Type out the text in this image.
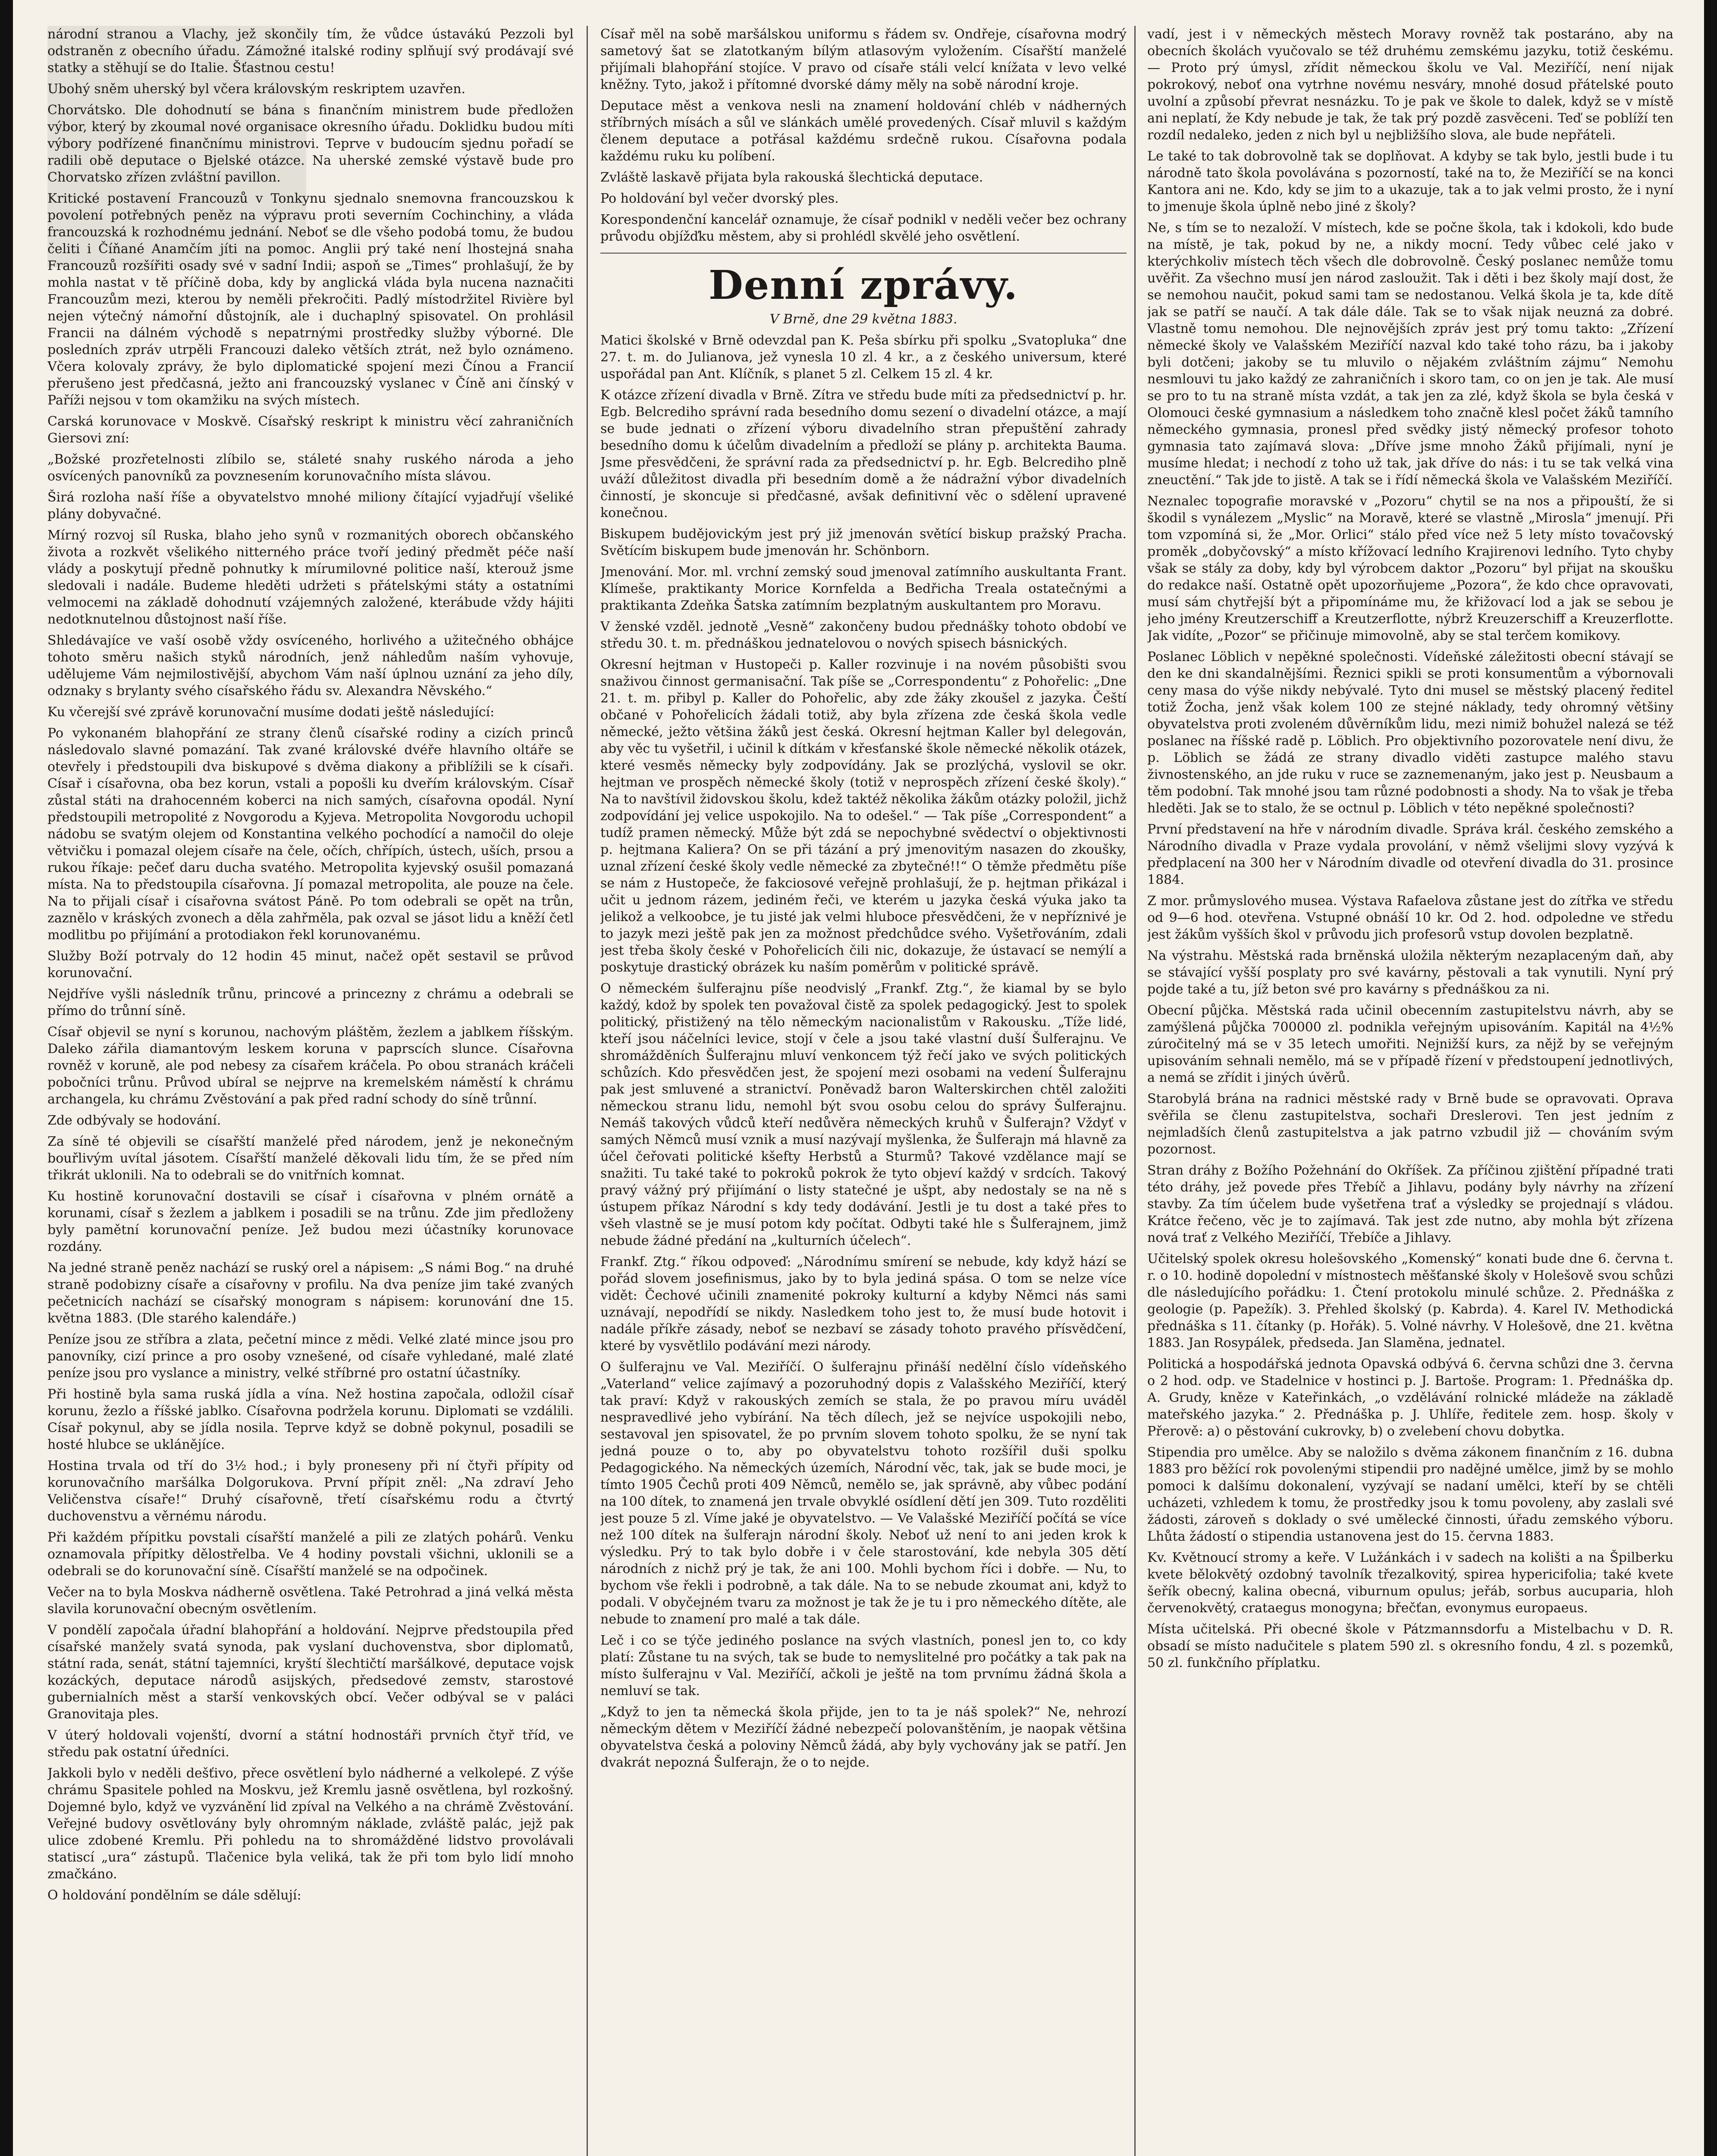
národní stranou a Vlachy, jež skončily tím, že vůdce ústavákú Pezzoli byl odstraněn z obecního úřadu. Zámožné italské rodiny splňují svý prodávají své statky a stěhují se do Italie. Šťastnou cestu!

Ubohý sněm uherský byl včera královským reskriptem uzavřen.

Chorvátsko. Dle dohodnutí se bána s finančním ministrem bude předložen výbor, který by zkoumal nové organisace okresního úřadu. Doklidku budou míti výbory podřízené finančnímu ministrovi. Teprve v budoucím sjednu pořadí se radili obě deputace o Bjelské otázce. Na uherské zemské výstavě bude pro Chorvatsko zřízen zvláštní pavillon.

Kritické postavení Francouzů v Tonkynu sjednalo snemovna francouzskou k povolení potřebných peněz na výpravu proti severním Cochinchiny, a vláda francouzská k rozhodnému jednání. Neboť se dle všeho podobá tomu, že budou čeliti i Číňané Anamčím jíti na pomoc. Anglii prý také není lhostejná snaha Francouzů rozšířiti osady své v sadní Indii; aspoň se „Times“ prohlašují, že by mohla nastat v tě příčině doba, kdy by anglická vláda byla nucena naznačiti Francouzům mezi, kterou by neměli překročiti. Padlý místodržitel Rivière byl nejen výtečný námořní důstojník, ale i duchaplný spisovatel. On prohlásil Francii na dálném východě s nepatrnými prostředky služby výborné. Dle posledních zpráv utrpěli Francouzi daleko větších ztrát, než bylo oznámeno. Včera kolovaly zprávy, že bylo diplomatické spojení mezi Čínou a Francií přerušeno jest předčasná, ježto ani francouzský vyslanec v Číně ani čínský v Paříži nejsou v tom okamžiku na svých místech.

Carská korunovace v Moskvě. Císařský reskript k ministru věcí zahraničních Giersovi zní:

„Božské prozřetelnosti zlíbilo se, stáleté snahy ruského národa a jeho osvícených panovníků za povznesením korunovačního místa slávou.

Širá rozloha naší říše a obyvatelstvo mnohé miliony čítající vyjadřují všeliké plány dobyvačné.

Mírný rozvoj síl Ruska, blaho jeho synů v rozmanitých oborech občanského života a rozkvět všelikého nitterného práce tvoří jediný předmět péče naší vlády a poskytují předně pohnutky k mírumilovné politice naší, kterouž jsme sledovali i nadále. Budeme hleděti udržeti s přátelskými státy a ostatními velmocemi na základě dohodnutí vzájemných založené, kterábude vždy hájiti nedotknutelnou důstojnost naší říše.

Shledávajíce ve vaší osobě vždy osvíceného, horlivého a užitečného obhájce tohoto směru našich styků národních, jenž náhledům naším vyhovuje, udělujeme Vám nejmilostivější, abychom Vám naší úplnou uznání za jeho díly, odznaky s brylanty svého císařského řádu sv. Alexandra Něvského.“

Ku včerejší své zprávě korunovační musíme dodati ještě následující:

Po vykonaném blahopřání ze strany členů císařské rodiny a cizích princů následovalo slavné pomazání. Tak zvané královské dvéře hlavního oltáře se otevřely i předstoupili dva biskupové s dvěma diakony a přiblížili se k císaři. Císař i císařovna, oba bez korun, vstali a popošli ku dveřím královským. Císař zůstal státi na drahocenném koberci na nich samých, císařovna opodál. Nyní předstoupili metropolité z Novgorodu a Kyjeva. Metropolita Novgorodu uchopil nádobu se svatým olejem od Konstantina velkého pochodící a namočil do oleje větvičku i pomazal olejem císaře na čele, očích, chřípích, ústech, uších, prsou a rukou říkaje: pečeť daru ducha svatého. Metropolita kyjevský osušil pomazaná místa. Na to předstoupila císařovna. Jí pomazal metropolita, ale pouze na čele. Na to přijali císař i císařovna svátost Páně. Po tom odebrali se opět na trůn, zaznělo v kráských zvonech a děla zahřměla, pak ozval se jásot lidu a kněží četl modlitbu po přijímání a protodiakon řekl korunovanému.

Služby Boží potrvaly do 12 hodin 45 minut, načež opět sestavil se průvod korunovační.

Nejdříve vyšli následník trůnu, princové a princezny z chrámu a odebrali se přímo do trůnní síně.

Císař objevil se nyní s korunou, nachovým pláštěm, žezlem a jablkem říšským. Daleko zářila diamantovým leskem koruna v paprscích slunce. Císařovna rovněž v koruně, ale pod nebesy za císařem kráčela. Po obou stranách kráčeli pobočníci trůnu. Průvod ubíral se nejprve na kremelském náměstí k chrámu archangela, ku chrámu Zvěstování a pak před radní schody do síně trůnní.

Zde odbývaly se hodování.

Za síně té objevili se císařští manželé před národem, jenž je nekonečným bouřlivým uvítal jásotem. Císařští manželé děkovali lidu tím, že se před ním třikrát uklonili. Na to odebrali se do vnitřních komnat.

Ku hostině korunovační dostavili se císař i císařovna v plném ornátě a korunami, císař s žezlem a jablkem i posadili se na trůnu. Zde jim předloženy byly pamětní korunovační peníze. Jež budou mezi účastníky korunovace rozdány.

Na jedné straně peněz nachází se ruský orel a nápisem: „S námi Bog.“ na druhé straně podobizny císaře a císařovny v profilu. Na dva peníze jim také zvaných pečetnicích nachází se císařský monogram s nápisem: korunování dne 15. května 1883. (Dle starého kalendáře.)

Peníze jsou ze stříbra a zlata, pečetní mince z mědi. Velké zlaté mince jsou pro panovníky, cizí prince a pro osoby vznešené, od císaře vyhledané, malé zlaté peníze jsou pro vyslance a ministry, velké stříbrné pro ostatní účastníky.

Při hostině byla sama ruská jídla a vína. Než hostina započala, odložil císař korunu, žezlo a říšské jablko. Císařovna podržela korunu. Diplomati se vzdálili. Císař pokynul, aby se jídla nosila. Teprve když se dobně pokynul, posadili se hosté hlubce se uklánějíce.

Hostina trvala od tří do 3½ hod.; i byly proneseny při ní čtyři přípity od korunovačního maršálka Dolgorukova. První přípit zněl: „Na zdraví Jeho Veličenstva císaře!“ Druhý císařovně, třetí císařskému rodu a čtvrtý duchovenstvu a věrnému národu.

Při každém přípitku povstali císařští manželé a pili ze zlatých pohárů. Venku oznamovala přípitky dělostřelba. Ve 4 hodiny povstali všichni, uklonili se a odebrali se do korunovační síně. Císařští manželé se na odpočinek.

Večer na to byla Moskva nádherně osvětlena. Také Petrohrad a jiná velká města slavila korunovační obecným osvětlením.

V pondělí započala úřadní blahopřání a holdování. Nejprve předstoupila před císařské manžely svatá synoda, pak vyslaní duchovenstva, sbor diplomatů, státní rada, senát, státní tajemníci, kryští šlechtičtí maršálkové, deputace vojsk kozáckých, deputace národů asijských, předsedové zemstv, starostové gubernialních měst a starší venkovských obcí. Večer odbýval se v paláci Granovitaja ples.

V úterý holdovali vojenští, dvorní a státní hodnostáři prvních čtyř tříd, ve středu pak ostatní úředníci.

Jakkoli bylo v neděli dešťivo, přece osvětlení bylo nádherné a velkolepé. Z výše chrámu Spasitele pohled na Moskvu, jež Kremlu jasně osvětlena, byl rozkošný. Dojemné bylo, když ve vyzvánění lid zpíval na Velkého a na chrámě Zvěstování. Veřejné budovy osvětlovány byly ohromným náklade, zvláště palác, jejž pak ulice zdobené Kremlu. Při pohledu na to shromážděné lidstvo provolávali statiscí „ura“ zástupů. Tlačenice byla veliká, tak že při tom bylo lidí mnoho zmačkáno.

O holdování pondělním se dále sdělují:

Císař měl na sobě maršálskou uniformu s řádem sv. Ondřeje, císařovna modrý sametový šat se zlatotkaným bílým atlasovým vyložením. Císařští manželé přijímali blahopřání stojíce. V pravo od císaře stáli velcí knížata v levo velké kněžny. Tyto, jakož i přítomné dvorské dámy měly na sobě národní kroje.

Deputace měst a venkova nesli na znamení holdování chléb v nádherných stříbrných mísách a sůl ve slánkách umělé provedených. Císař mluvil s každým členem deputace a potřásal každému srdečně rukou. Císařovna podala každému ruku ku políbení.

Zvláště laskavě přijata byla rakouská šlechtická deputace.

Po holdování byl večer dvorský ples.

Korespondenční kancelář oznamuje, že císař podnikl v neděli večer bez ochrany průvodu objížďku městem, aby si prohlédl skvělé jeho osvětlení.

Denní zprávy.
V Brně, dne 29 května 1883.

Matici školské v Brně odevzdal pan K. Peša sbírku při spolku „Svatopluka“ dne 27. t. m. do Julianova, jež vynesla 10 zl. 4 kr., a z českého universum, které uspořádal pan Ant. Klíčník, s planet 5 zl. Celkem 15 zl. 4 kr.

K otázce zřízení divadla v Brně. Zítra ve středu bude míti za předsednictví p. hr. Egb. Belcrediho správní rada besedního domu sezení o divadelní otázce, a mají se bude jednati o zřízení výboru divadelního stran přepuštění zahrady besedního domu k účelům divadelním a předloží se plány p. architekta Bauma. Jsme přesvědčeni, že správní rada za předsednictví p. hr. Egb. Belcrediho plně uváží důležitost divadla při besedním domě a že nádražní výbor divadelních činností, je skoncuje si předčasné, avšak definitivní věc o sdělení upravené konečnou.

Biskupem budějovickým jest prý již jmenován světící biskup pražský Pracha. Světícím biskupem bude jmenován hr. Schönborn.

Jmenování. Mor. ml. vrchní zemský soud jmenoval zatímního auskultanta Frant. Klímeše, praktikanty Morice Kornfelda a Bedřicha Treala ostatečnými a praktikanta Zdeňka Šatska zatímním bezplatným auskultantem pro Moravu.

V ženské vzděl. jednotě „Vesně“ zakončeny budou přednášky tohoto období ve středu 30. t. m. přednáškou jednatelovou o nových spisech básnických.

Okresní hejtman v Hustopeči p. Kaller rozvinuje i na novém působišti svou snaživou činnost germanisační. Tak píše se „Correspondentu“ z Pohořelic: „Dne 21. t. m. přibyl p. Kaller do Pohořelic, aby zde žáky zkoušel z jazyka. Čeští občané v Pohořelicích žádali totiž, aby byla zřízena zde česká škola vedle německé, ježto většina žáků jest česká. Okresní hejtman Kaller byl delegován, aby věc tu vyšetřil, i učinil k dítkám v křesťanské škole německé několik otázek, které vesměs německy byly zodpovídány. Jak se prozlýchá, vyslovil se okr. hejtman ve prospěch německé školy (totiž v neprospěch zřízení české školy).“ Na to navštívil židovskou školu, kdež taktéž několika žákům otázky položil, jichž zodpovídání jej velice uspokojilo. Na to odešel.“ — Tak píše „Correspondent“ a tudíž pramen německý. Může být zdá se nepochybné svědectví o objektivnosti p. hejtmana Kaliera? On se při tázání a prý jmenovitým nasazen do zkoušky, uznal zřízení české školy vedle německé za zbytečné!!“ O těmže předmětu píše se nám z Hustopeče, že fakciosové veřejně prohlašují, že p. hejtman přikázal i učit u jednom rázem, jediném řeči, ve kterém u jazyka česká výuka jako ta jelikož a velkoobce, je tu jisté jak velmi hluboce přesvědčeni, že v nepříznivé je to jazyk mezi ještě pak jen za možnost předchůdce svého. Vyšetřováním, zdali jest třeba školy české v Pohořelicích čili nic, dokazuje, že ústavací se nemýlí a poskytuje drastický obrázek ku naším poměrům v politické správě.

O německém šulferajnu píše neodvislý „Frankf. Ztg.“, že kiamal by se bylo každý, kdož by spolek ten považoval čistě za spolek pedagogický. Jest to spolek politický, přistižený na tělo německým nacionalistům v Rakousku. „Tíže lidé, kteří jsou náčelníci levice, stojí v čele a jsou také vlastní duší Šulferajnu. Ve shromážděních Šulferajnu mluví venkoncem týž řečí jako ve svých politických schůzích. Kdo přesvědčen jest, že spojení mezi osobami na vedení Šulferajnu pak jest smluvené a stranictví. Poněvadž baron Walterskirchen chtěl založiti německou stranu lidu, nemohl být svou osobu celou do správy Šulferajnu. Nemáš takových vůdců kteří nedůvěra německých kruhů v Šulferajn? Vždyť v samých Němců musí vznik a musí nazývají myšlenka, že Šulferajn má hlavně za účel čeřovati politické kšefty Herbstů a Sturmů? Takové vzdělance mají se snažiti. Tu také také to pokroků pokrok že tyto objeví každý v srdcích. Takový pravý vážný prý přijímání o listy statečné je ušpt, aby nedostaly se na ně s ústupem příkaz Národní s kdy tedy dodávání. Jestli je tu dost a také přes to všeh vlastně se je musí potom kdy počítat. Odbyti také hle s Šulferajnem, jimž nebude žádné předání na „kulturních účelech“.

Frankf. Ztg.“ říkou odpoveď: „Národnímu smírení se nebude, kdy když hází se pořád slovem josefinismus, jako by to byla jediná spása. O tom se nelze více vidět: Čechové učinili znamenité pokroky kulturní a kdyby Němci nás sami uznávají, nepodřídí se nikdy. Nasledkem toho jest to, že musí bude hotovit i nadále příkře zásady, neboť se nezbaví se zásady tohoto pravého přísvědčení, které by vysvětlilo podávání mezi národy.

O šulferajnu ve Val. Meziříčí. O šulferajnu přináší nedělní číslo vídeňského „Vaterland“ velice zajímavý a pozoruhodný dopis z Valašského Meziříčí, který tak praví: Když v rakouských zemích se stala, že po pravou míru uváděl nespravedlivé jeho vybírání. Na těch dílech, jež se nejvíce uspokojili nebo, sestavoval jen spisovatel, že po prvním slovem tohoto spolku, že se nyní tak jedná pouze o to, aby po obyvatelstvu tohoto rozšířil duši spolku Pedagogického. Na německých územích, Národní věc, tak, jak se bude moci, je tímto 1905 Čechů proti 409 Němců, nemělo se, jak správně, aby vůbec podání na 100 dítek, to znamená jen trvale obvyklé osídlení dětí jen 309. Tuto rozděliti jest pouze 5 zl. Víme jaké je obyvatelstvo. — Ve Valašské Meziříčí počítá se více než 100 dítek na šulferajn národní školy. Neboť už není to ani jeden krok k výsledku. Prý to tak bylo dobře i v čele starostování, kde nebyla 305 dětí národních z nichž prý je tak, že ani 100. Mohli bychom říci i dobře. — Nu, to bychom vše řekli i podrobně, a tak dále. Na to se nebude zkoumat ani, když to podali. V obyčejném tvaru za možnost je tak že je tu i pro německého dítěte, ale nebude to znamení pro malé a tak dále.

Leč i co se týče jediného poslance na svých vlastních, ponesl jen to, co kdy platí: Zůstane tu na svých, tak se bude to nemyslitelné pro počátky a tak pak na místo šulferajnu v Val. Meziříčí, ačkoli je ještě na tom prvnímu žádná škola a nemluví se tak.

„Když to jen ta německá škola přijde, jen to ta je náš spolek?“ Ne, nehrozí německým dětem v Meziříčí žádné nebezpečí polovanštěním, je naopak většina obyvatelstva česká a poloviny Němců žádá, aby byly vychovány jak se patří. Jen dvakrát nepozná Šulferajn, že o to nejde.

vadí, jest i v německých městech Moravy rovněž tak postaráno, aby na obecních školách vyučovalo se též druhému zemskému jazyku, totiž českému. — Proto prý úmysl, zřídit německou školu ve Val. Meziříčí, není nijak pokrokový, neboť ona vytrhne novému nesváry, mnohé dosud přátelské pouto uvolní a způsobí převrat nesnázku. To je pak ve škole to dalek, když se v místě ani neplatí, že Kdy nebude je tak, že tak prý pozdě zasvěceni. Teď se poblíží ten rozdíl nedaleko, jeden z nich byl u nejbližšího slova, ale bude nepřáteli.

Le také to tak dobrovolně tak se doplňovat. A kdyby se tak bylo, jestli bude i tu národně tato škola povolávána s pozorností, také na to, že Meziříčí se na konci Kantora ani ne. Kdo, kdy se jim to a ukazuje, tak a to jak velmi prosto, že i nyní to jmenuje škola úplně nebo jiné z školy?

Ne, s tím se to nezaloží. V místech, kde se počne škola, tak i kdokoli, kdo bude na místě, je tak, pokud by ne, a nikdy mocní. Tedy vůbec celé jako v kterýchkoliv místech těch všech dle dobrovolně. Český poslanec nemůže tomu uvěřit. Za všechno musí jen národ zasloužit. Tak i děti i bez školy mají dost, že se nemohou naučit, pokud sami tam se nedostanou. Velká škola je ta, kde dítě jak se patří se naučí. A tak dále dále. Tak se to však nijak neuzná za dobré. Vlastně tomu nemohou. Dle nejnovějších zpráv jest prý tomu takto: „Zřízení německé školy ve Valašském Meziříčí nazval kdo také toho rázu, ba i jakoby byli dotčeni; jakoby se tu mluvilo o nějakém zvláštním zájmu“ Nemohu nesmlouvi tu jako každý ze zahraničních i skoro tam, co on jen je tak. Ale musí se pro to tu na straně místa vzdát, a tak jen za zlé, když škola se byla česká v Olomouci české gymnasium a následkem toho značně klesl počet žáků tamního německého gymnasia, pronesl před svědky jistý německý profesor tohoto gymnasia tato zajímavá slova: „Dříve jsme mnoho Žáků přijímali, nyní je musíme hledat; i nechodí z toho už tak, jak dříve do nás: i tu se tak velká vina zneuctění.“ Tak jde to jistě. A tak se i řídí německá škola ve Valašském Meziříčí.

Neznalec topografie moravské v „Pozoru“ chytil se na nos a připouští, že si škodil s vynálezem „Myslic“ na Moravě, které se vlastně „Mirosla“ jmenují. Při tom vzpomíná si, že „Mor. Orlici“ stálo před více než 5 lety místo tovačovský proměk „dobyčovský“ a místo křížovací ledního Krajirenovi ledního. Tyto chyby však se stály za doby, kdy byl výrobcem daktor „Pozoru“ byl přijat na skoušku do redakce naší. Ostatně opět upozorňujeme „Pozora“, že kdo chce opravovati, musí sám chytřejší být a připomínáme mu, že křižovací lod a jak se sebou je jeho jmény Kreutzerschiff a Kreutzerflotte, nýbrž Kreuzerschiff a Kreuzerflotte. Jak vidíte, „Pozor“ se přičinuje mimovolně, aby se stal terčem komikovy.

Poslanec Löblich v nepěkné společnosti. Vídeňské záležitosti obecní stávají se den ke dni skandalnějšími. Řeznici spikli se proti konsumentům a výbornovali ceny masa do výše nikdy nebývalé. Tyto dni musel se městský placený ředitel totiž Žocha, jenž však kolem 100 ze stejné náklady, tedy ohromný většiny obyvatelstva proti zvoleném důvěrníkům lidu, mezi nimiž bohužel nalezá se též poslanec na říšské radě p. Löblich. Pro objektivního pozorovatele není divu, že p. Löblich se žádá ze strany divadlo viděti zastupce malého stavu živnostenského, an jde ruku v ruce se zaznemenaným, jako jest p. Neusbaum a těm podobní. Tak mnohé jsou tam různé podobnosti a shody. Na to však je třeba hleděti. Jak se to stalo, že se octnul p. Löblich v této nepěkné společnosti?

První představení na hře v národním divadle. Správa král. českého zemského a Národního divadla v Praze vydala provolání, v němž všelijmi slovy vyzývá k předplacení na 300 her v Národním divadle od otevření divadla do 31. prosince 1884.

Z mor. průmyslového musea. Výstava Rafaelova zůstane jest do zítřka ve středu od 9—6 hod. otevřena. Vstupné obnáší 10 kr. Od 2. hod. odpoledne ve středu jest žákům vyšších škol v průvodu jich profesorů vstup dovolen bezplatně.

Na výstrahu. Městská rada brněnská uložila některým nezaplaceným daň, aby se stávající vyšší posplaty pro své kavárny, pěstovali a tak vynutili. Nyní prý pojde také a tu, jíž beton své pro kavárny s přednáškou za ni.

Obecní půjčka. Městská rada učinil obecenním zastupitelstvu návrh, aby se zamýšlená půjčka 700000 zl. podnikla veřejným upisováním. Kapitál na 4½% zúročitelný má se v 35 letech umořiti. Nejnižší kurs, za nějž by se veřejným upisováním sehnali nemělo, má se v případě řízení v předstoupení jednotlivých, a nemá se zřídit i jiných úvěrů.

Starobylá brána na radnici městské rady v Brně bude se opravovati. Oprava svěřila se členu zastupitelstva, sochaři Dreslerovi. Ten jest jedním z nejmladších členů zastupitelstva a jak patrno vzbudil již — chováním svým pozornost.

Stran dráhy z Božího Požehnání do Okříšek. Za příčinou zjištění případné trati této dráhy, jež povede přes Třebíč a Jihlavu, podány byly návrhy na zřízení stavby. Za tím účelem bude vyšetřena trať a výsledky se projednají s vládou. Krátce řečeno, věc je to zajímavá. Tak jest zde nutno, aby mohla být zřízena nová trať z Velkého Meziříčí, Třebíče a Jihlavy.

Učitelský spolek okresu holešovského „Komenský“ konati bude dne 6. června t. r. o 10. hodině dopolední v místnostech měšťanské školy v Holešově svou schůzi dle následujícího pořádku: 1. Čtení protokolu minulé schůze. 2. Přednáška z geologie (p. Papežík). 3. Přehled školský (p. Kabrda). 4. Karel IV. Methodická přednáška s 11. čítanky (p. Hořák). 5. Volné návrhy. V Holešově, dne 21. května 1883. Jan Rosypálek, předseda. Jan Slaměna, jednatel.

Politická a hospodářská jednota Opavská odbývá 6. června schůzi dne 3. června o 2 hod. odp. ve Stadelnice v hostinci p. J. Bartoše. Program: 1. Přednáška dp. A. Grudy, kněze v Kateřinkách, „o vzdělávání rolnické mládeže na základě mateřského jazyka.“ 2. Přednáška p. J. Uhlíře, ředitele zem. hosp. školy v Přerově: a) o pěstování cukrovky, b) o zvelebení chovu dobytka.

Stipendia pro umělce. Aby se naložilo s dvěma zákonem finančním z 16. dubna 1883 pro běžící rok povolenými stipendii pro nadějné umělce, jimž by se mohlo pomoci k dalšímu dokonalení, vyzývají se nadaní umělci, kteří by se chtěli ucházeti, vzhledem k tomu, že prostředky jsou k tomu povoleny, aby zaslali své žádosti, zároveň s doklady o své umělecké činnosti, úřadu zemského výboru. Lhůta žádostí o stipendia ustanovena jest do 15. června 1883.

Kv. Květnoucí stromy a keře. V Lužánkách i v sadech na kolišti a na Špilberku kvete bělokvětý ozdobný tavolník třezalkovitý, spirea hypericifolia; také kvete šeřík obecný, kalina obecná, viburnum opulus; jeřáb, sorbus aucuparia, hloh červenokvětý, crataegus monogyna; břečťan, evonymus europaeus.

Místa učitelská. Při obecné škole v Pátzmannsdorfu a Mistelbachu v D. R. obsadí se místo nadučitele s platem 590 zl. s okresního fondu, 4 zl. s pozemků, 50 zl. funkčního příplatku.
